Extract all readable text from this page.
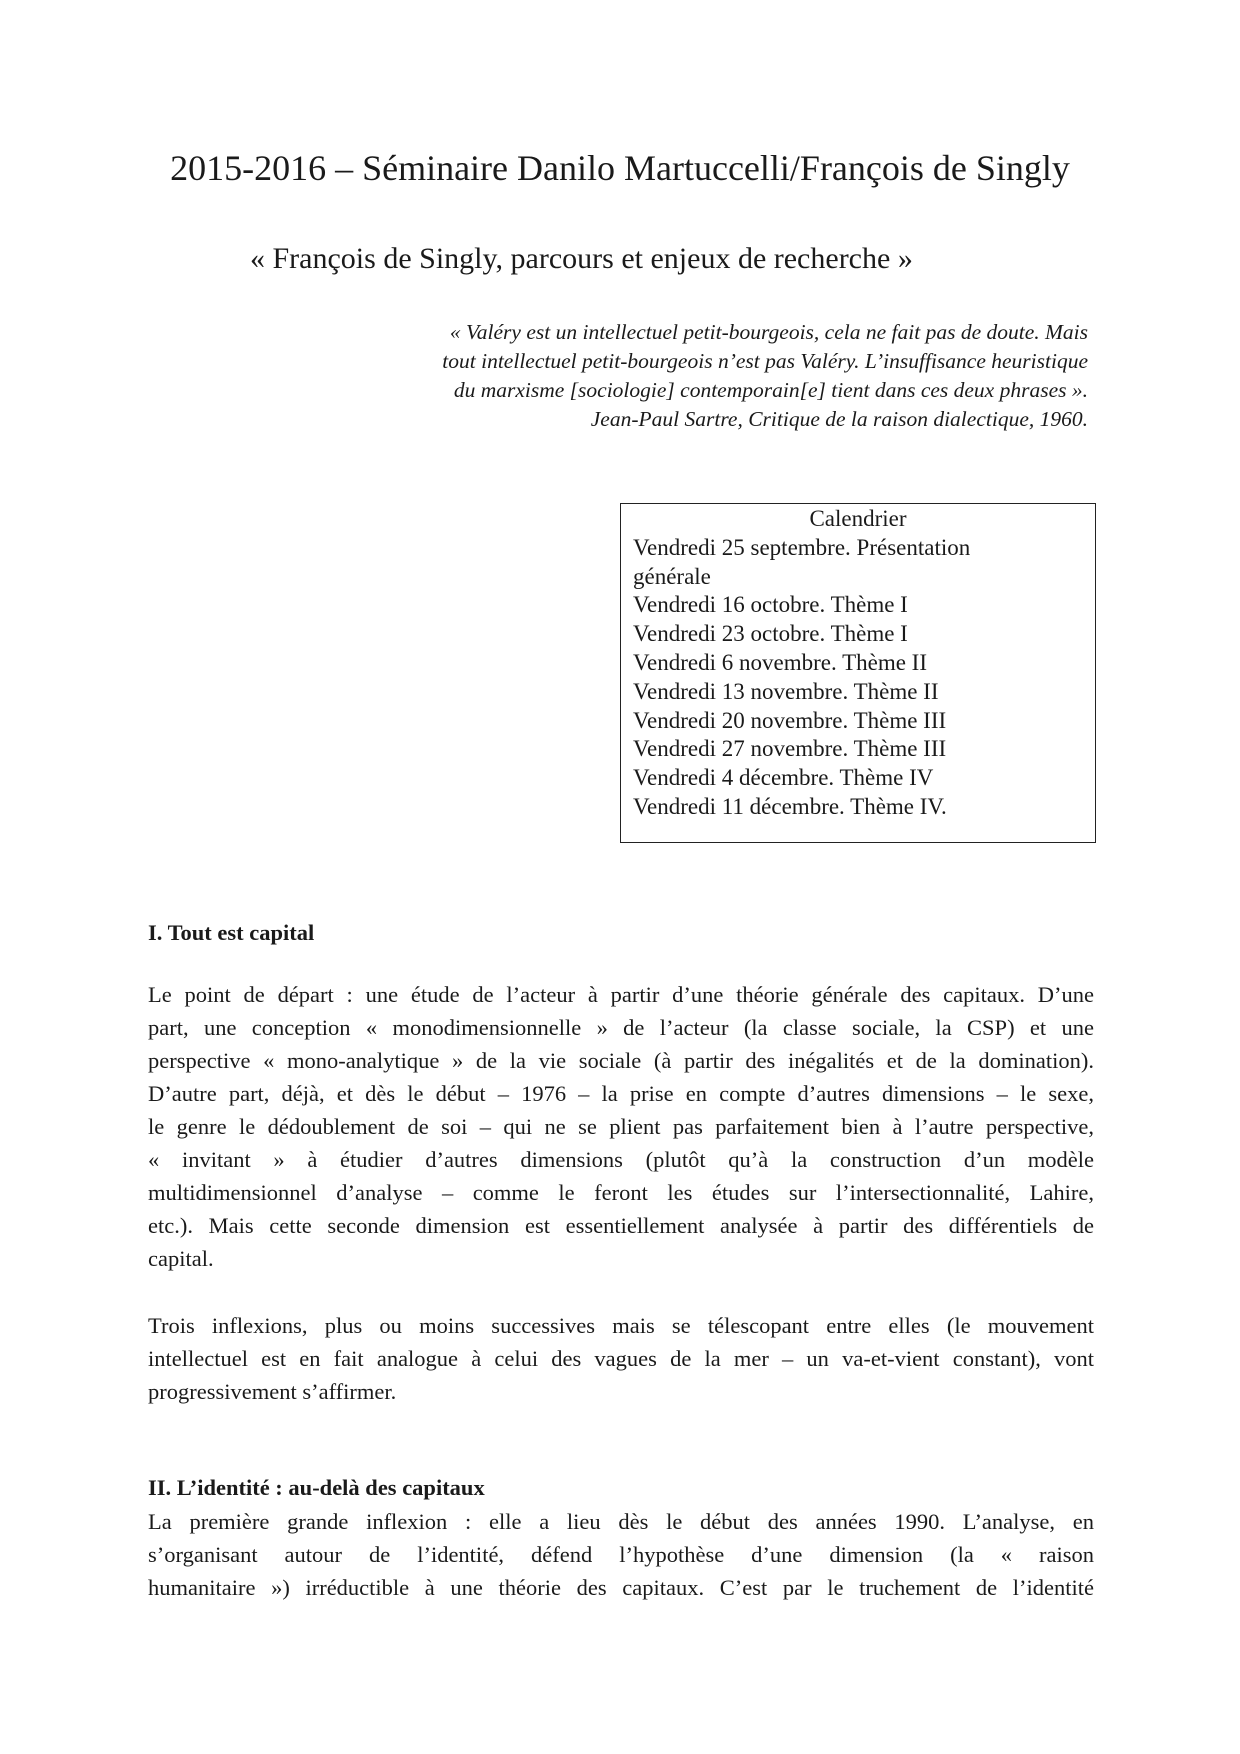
2015-2016 – Séminaire Danilo Martuccelli/François de Singly
« François de Singly, parcours et enjeux de recherche »
« Valéry est un intellectuel petit-bourgeois, cela ne fait pas de doute. Mais
tout intellectuel petit-bourgeois n’est pas Valéry. L’insuffisance heuristique
du marxisme [sociologie] contemporain[e] tient dans ces deux phrases ».
Jean-Paul Sartre, Critique de la raison dialectique, 1960.
Calendrier
Vendredi 25 septembre. Présentation
générale
Vendredi 16 octobre. Thème I
Vendredi 23 octobre. Thème I
Vendredi 6 novembre. Thème II
Vendredi 13 novembre. Thème II
Vendredi 20 novembre. Thème III
Vendredi 27 novembre. Thème III
Vendredi 4 décembre. Thème IV
Vendredi 11 décembre. Thème IV.
I. Tout est capital
Le point de départ : une étude de l’acteur à partir d’une théorie générale des capitaux. D’une
part, une conception « monodimensionnelle » de l’acteur (la classe sociale, la CSP) et une
perspective « mono-analytique » de la vie sociale (à partir des inégalités et de la domination).
D’autre part, déjà, et dès le début – 1976 – la prise en compte d’autres dimensions – le sexe,
le genre le dédoublement de soi – qui ne se plient pas parfaitement bien à l’autre perspective,
« invitant » à étudier d’autres dimensions (plutôt qu’à la construction d’un modèle
multidimensionnel d’analyse – comme le feront les études sur l’intersectionnalité, Lahire,
etc.). Mais cette seconde dimension est essentiellement analysée à partir des différentiels de
capital.
Trois inflexions, plus ou moins successives mais se télescopant entre elles (le mouvement
intellectuel est en fait analogue à celui des vagues de la mer – un va-et-vient constant), vont
progressivement s’affirmer.
II. L’identité : au-delà des capitaux
La première grande inflexion : elle a lieu dès le début des années 1990. L’analyse, en
s’organisant autour de l’identité, défend l’hypothèse d’une dimension (la « raison
humanitaire ») irréductible à une théorie des capitaux. C’est par le truchement de l’identité
